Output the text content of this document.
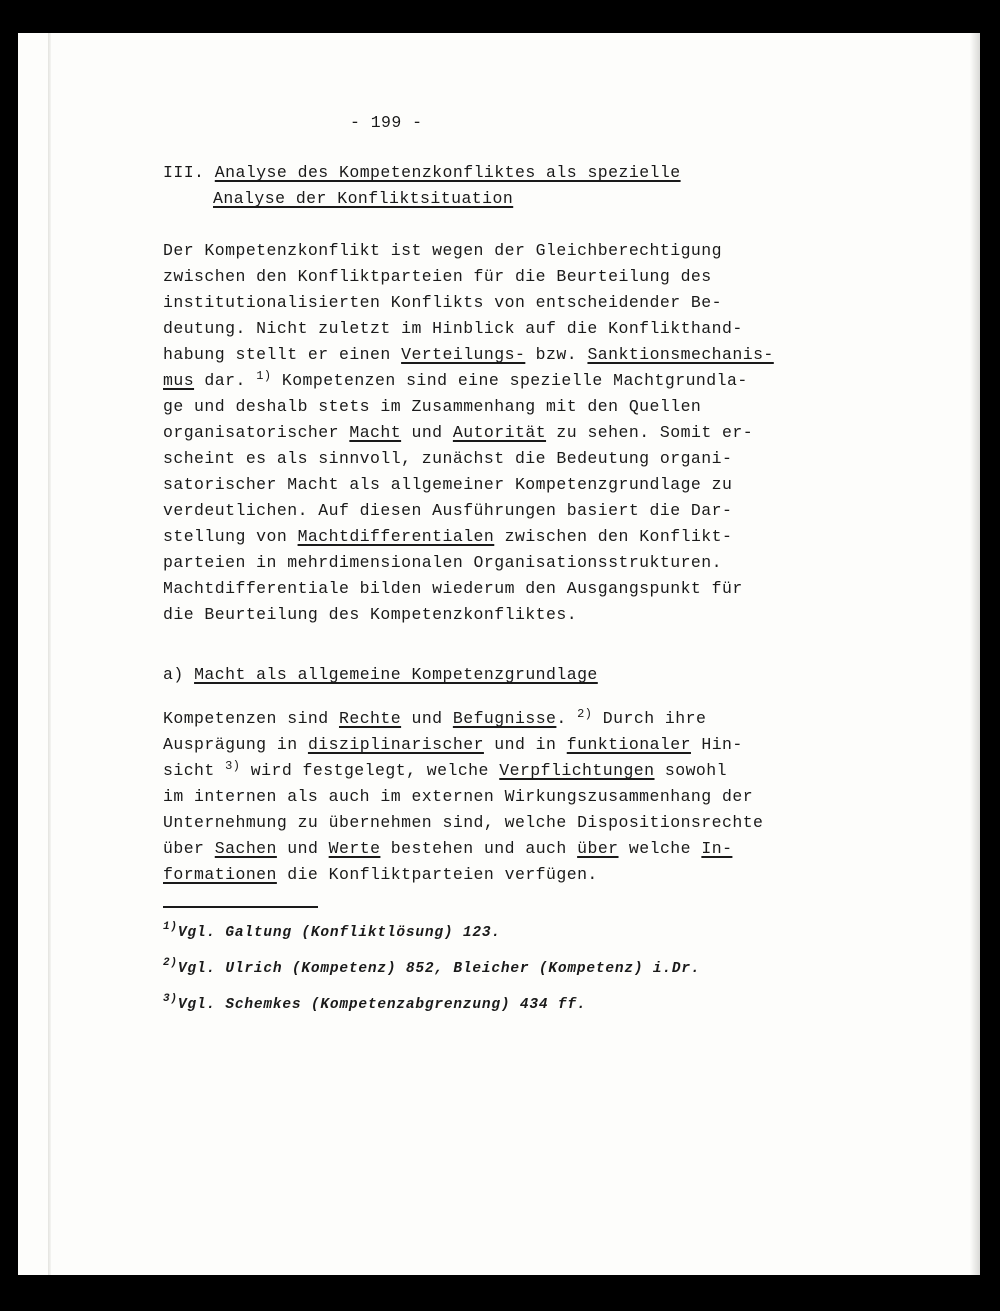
- 199 -
III. Analyse des Kompetenzkonfliktes als spezielle
Analyse der Konfliktsituation
Der Kompetenzkonflikt ist wegen der Gleichberechtigung
zwischen den Konfliktparteien für die Beurteilung des
institutionalisierten Konflikts von entscheidender Be-
deutung. Nicht zuletzt im Hinblick auf die Konflikthand-
habung stellt er einen Verteilungs- bzw. Sanktionsmechanis-
mus dar. $^{1)}$ Kompetenzen sind eine spezielle Machtgrundla-
ge und deshalb stets im Zusammenhang mit den Quellen
organisatorischer Macht und Autorität zu sehen. Somit er-
scheint es als sinnvoll, zunächst die Bedeutung organi-
satorischer Macht als allgemeiner Kompetenzgrundlage zu
verdeutlichen. Auf diesen Ausführungen basiert die Dar-
stellung von Machtdifferentialen zwischen den Konflikt-
parteien in mehrdimensionalen Organisationsstrukturen.
Machtdifferentiale bilden wiederum den Ausgangspunkt für
die Beurteilung des Kompetenzkonfliktes.
a) Macht als allgemeine Kompetenzgrundlage
Kompetenzen sind Rechte und Befugnisse. $^{2)}$ Durch ihre
Ausprägung in disziplinarischer und in funktionaler Hin-
sicht $^{3)}$ wird festgelegt, welche Verpflichtungen sowohl
im internen als auch im externen Wirkungszusammenhang der
Unternehmung zu übernehmen sind, welche Dispositionsrechte
über Sachen und Werte bestehen und auch über welche In-
formationen die Konfliktparteien verfügen.
$^{1)}$Vgl. Galtung (Konfliktlösung) 123.
$^{2)}$Vgl. Ulrich (Kompetenz) 852, Bleicher (Kompetenz) i.Dr.
$^{3)}$Vgl. Schemkes (Kompetenzabgrenzung) 434 ff.
